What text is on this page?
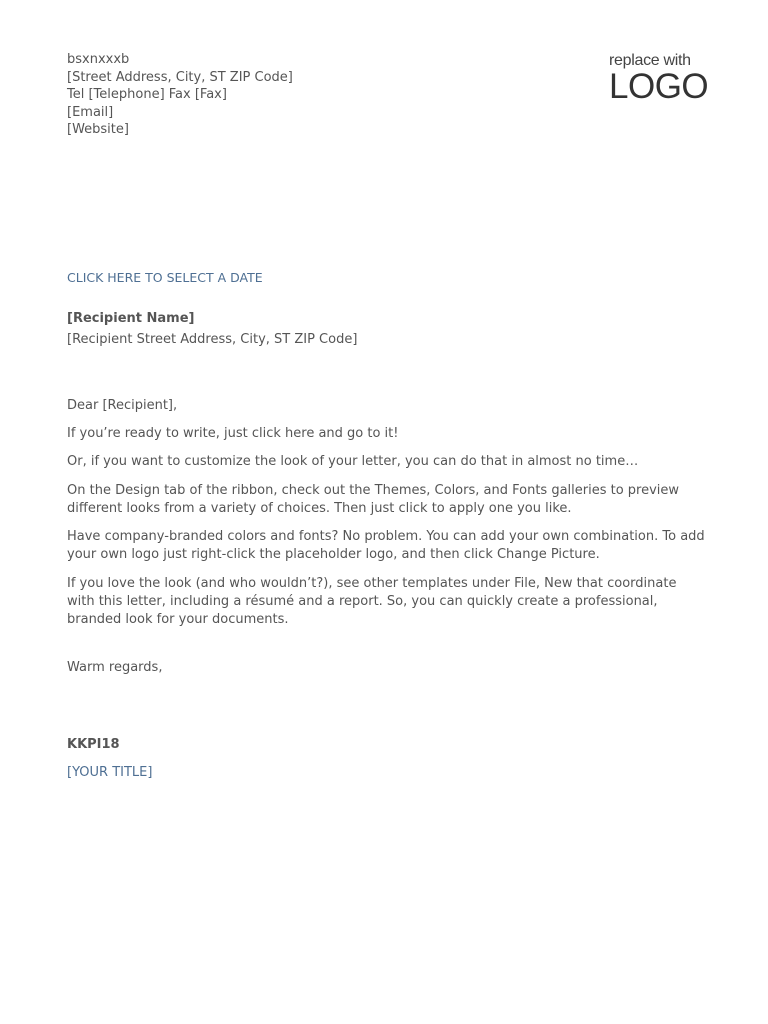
bsxnxxxb
[Street Address, City, ST ZIP Code]
Tel [Telephone] Fax [Fax]
[Email]
[Website]
replace with
LOGO
CLICK HERE TO SELECT A DATE
[Recipient Name]
[Recipient Street Address, City, ST ZIP Code]
Dear [Recipient],
If you’re ready to write, just click here and go to it!
Or, if you want to customize the look of your letter, you can do that in almost no time…
On the Design tab of the ribbon, check out the Themes, Colors, and Fonts galleries to preview different looks from a variety of choices. Then just click to apply one you like.
Have company-branded colors and fonts? No problem. You can add your own combination. To add your own logo just right-click the placeholder logo, and then click Change Picture.
If you love the look (and who wouldn’t?), see other templates under File, New that coordinate with this letter, including a résumé and a report. So, you can quickly create a professional, branded look for your documents.
Warm regards,
KKPI18
[YOUR TITLE]
